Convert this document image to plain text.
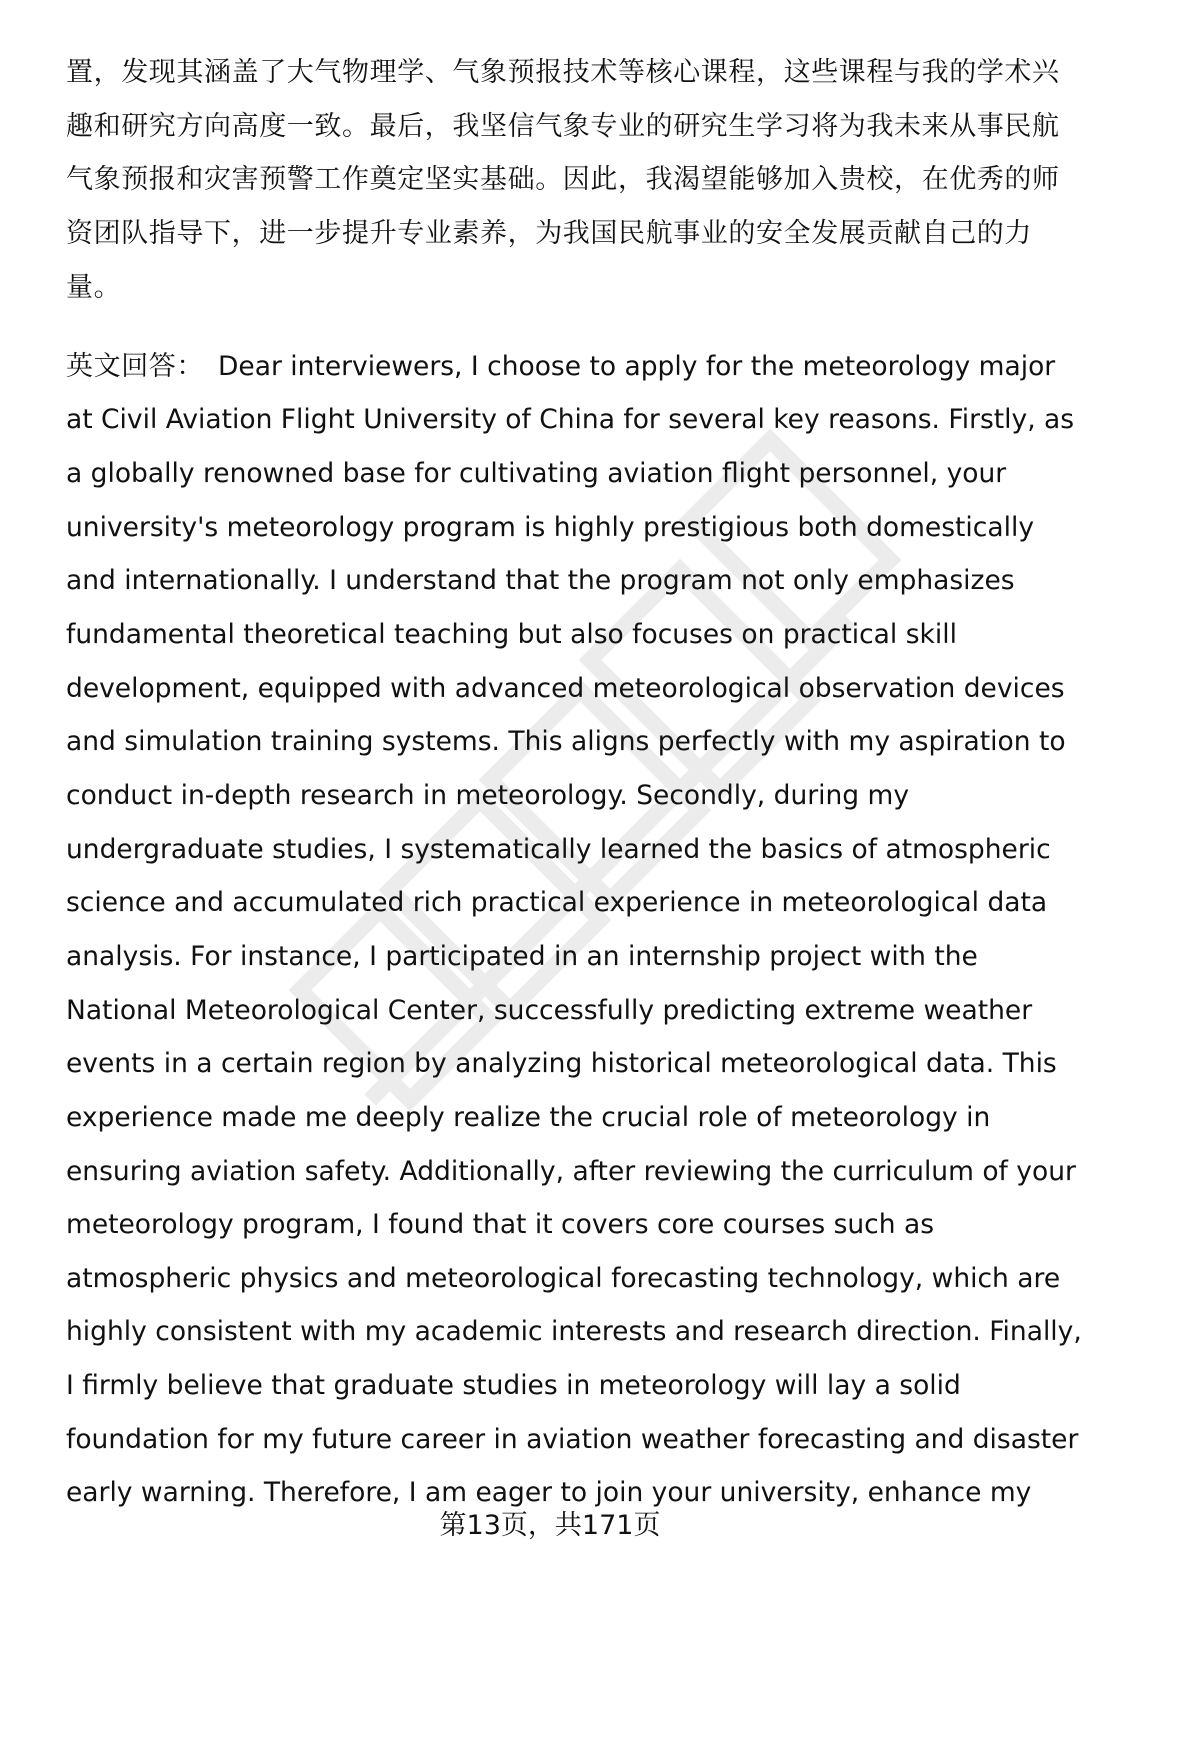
置，发现其涵盖了大气物理学、气象预报技术等核心课程，这些课程与我的学术兴
趣和研究方向高度一致。最后，我坚信气象专业的研究生学习将为我未来从事民航
气象预报和灾害预警工作奠定坚实基础。因此，我渴望能够加入贵校，在优秀的师
资团队指导下，进一步提升专业素养，为我国民航事业的安全发展贡献自己的力
量。
英文回答： Dear interviewers, I choose to apply for the meteorology major
at Civil Aviation Flight University of China for several key reasons. Firstly, as
a globally renowned base for cultivating aviation flight personnel, your
university's meteorology program is highly prestigious both domestically
and internationally. I understand that the program not only emphasizes
fundamental theoretical teaching but also focuses on practical skill
development, equipped with advanced meteorological observation devices
and simulation training systems. This aligns perfectly with my aspiration to
conduct in-depth research in meteorology. Secondly, during my
undergraduate studies, I systematically learned the basics of atmospheric
science and accumulated rich practical experience in meteorological data
analysis. For instance, I participated in an internship project with the
National Meteorological Center, successfully predicting extreme weather
events in a certain region by analyzing historical meteorological data. This
experience made me deeply realize the crucial role of meteorology in
ensuring aviation safety. Additionally, after reviewing the curriculum of your
meteorology program, I found that it covers core courses such as
atmospheric physics and meteorological forecasting technology, which are
highly consistent with my academic interests and research direction. Finally,
I firmly believe that graduate studies in meteorology will lay a solid
foundation for my future career in aviation weather forecasting and disaster
early warning. Therefore, I am eager to join your university, enhance my
第13页，共171页
